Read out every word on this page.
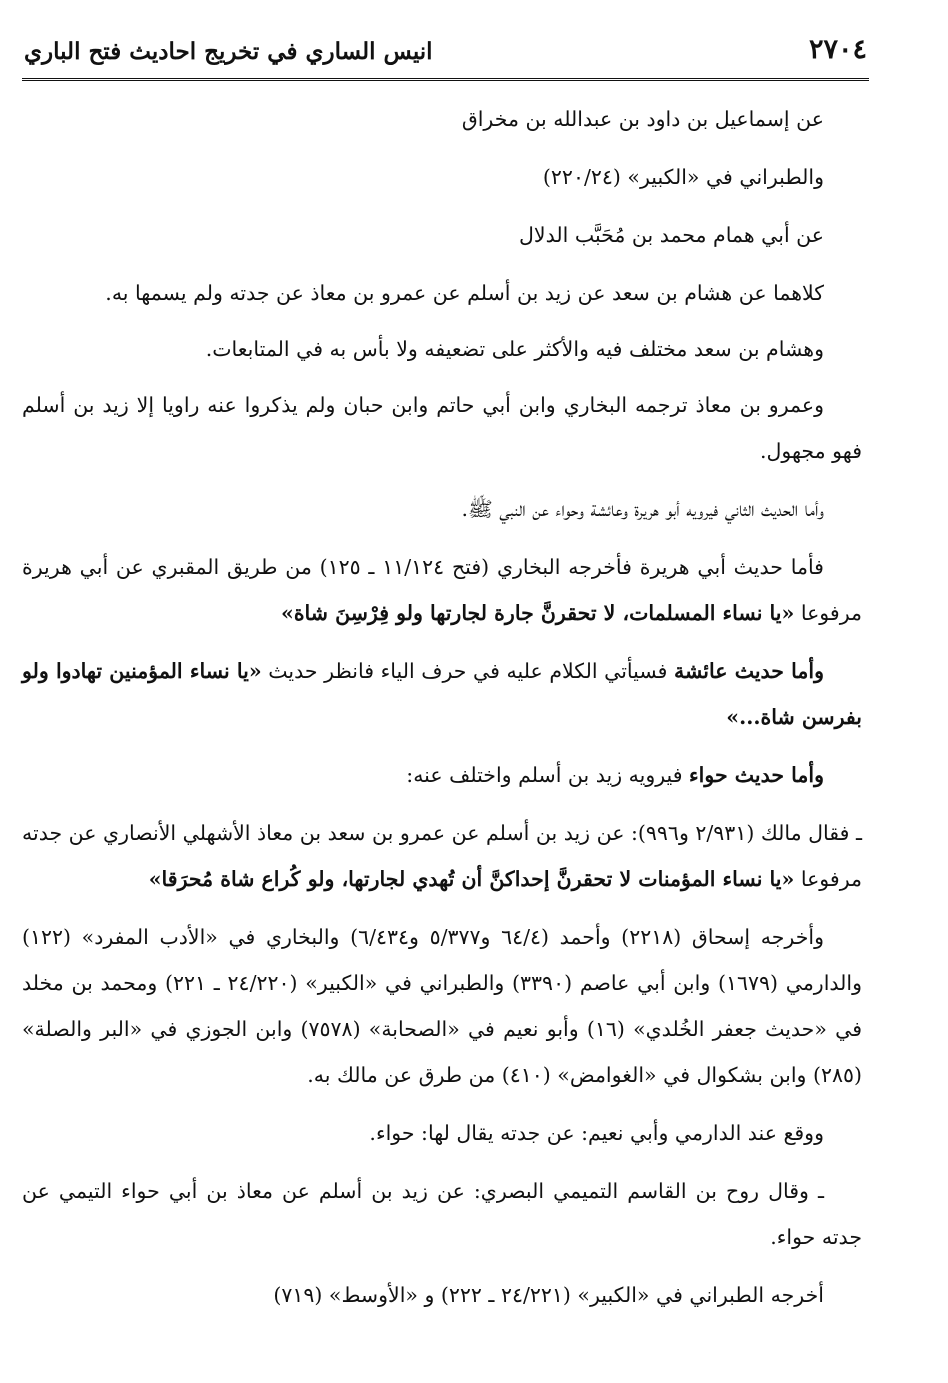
٢٧٠٤
انيس الساري في تخريج احاديث فتح الباري

عن إسماعيل بن داود بن عبدالله بن مخراق

والطبراني في «الكبير» (٢٢٠/٢٤)

عن أبي همام محمد بن مُحَبَّب الدلال

كلاهما عن هشام بن سعد عن زيد بن أسلم عن عمرو بن معاذ عن جدته ولم يسمها به.

وهشام بن سعد مختلف فيه والأكثر على تضعيفه ولا بأس به في المتابعات.

وعمرو بن معاذ ترجمه البخاري وابن أبي حاتم وابن حبان ولم يذكروا عنه راويا إلا زيد بن أسلم فهو مجهول.

وأما الحديث الثاني فيرويه أبو هريرة وعائشة وحواء عن النبي ﷺ.

فأما حديث أبي هريرة فأخرجه البخاري (فتح ١١/١٢٤ ـ ١٢٥) من طريق المقبري عن أبي هريرة مرفوعا «يا نساء المسلمات، لا تحقرنَّ جارة لجارتها ولو فِرْسِنَ شاة»

وأما حديث عائشة فسيأتي الكلام عليه في حرف الياء فانظر حديث «يا نساء المؤمنين تهادوا ولو بفرسن شاة...»

وأما حديث حواء فيرويه زيد بن أسلم واختلف عنه:

ـ فقال مالك (٢/٩٣١ و٩٩٦): عن زيد بن أسلم عن عمرو بن سعد بن معاذ الأشهلي الأنصاري عن جدته مرفوعا «يا نساء المؤمنات لا تحقرنَّ إحداكنَّ أن تُهدي لجارتها، ولو كُراع شاة مُحرَقا»

وأخرجه إسحاق (٢٢١٨) وأحمد (٦٤/٤ و٥/٣٧٧ و٦/٤٣٤) والبخاري في «الأدب المفرد» (١٢٢) والدارمي (١٦٧٩) وابن أبي عاصم (٣٣٩٠) والطبراني في «الكبير» (٢٤/٢٢٠ ـ ٢٢١) ومحمد بن مخلد في «حديث جعفر الخُلدي» (١٦) وأبو نعيم في «الصحابة» (٧٥٧٨) وابن الجوزي في «البر والصلة» (٢٨٥) وابن بشكوال في «الغوامض» (٤١٠) من طرق عن مالك به.

ووقع عند الدارمي وأبي نعيم: عن جدته يقال لها: حواء.

ـ وقال روح بن القاسم التميمي البصري: عن زيد بن أسلم عن معاذ بن أبي حواء التيمي عن جدته حواء.

أخرجه الطبراني في «الكبير» (٢٤/٢٢١ ـ ٢٢٢) و «الأوسط» (٧١٩)
